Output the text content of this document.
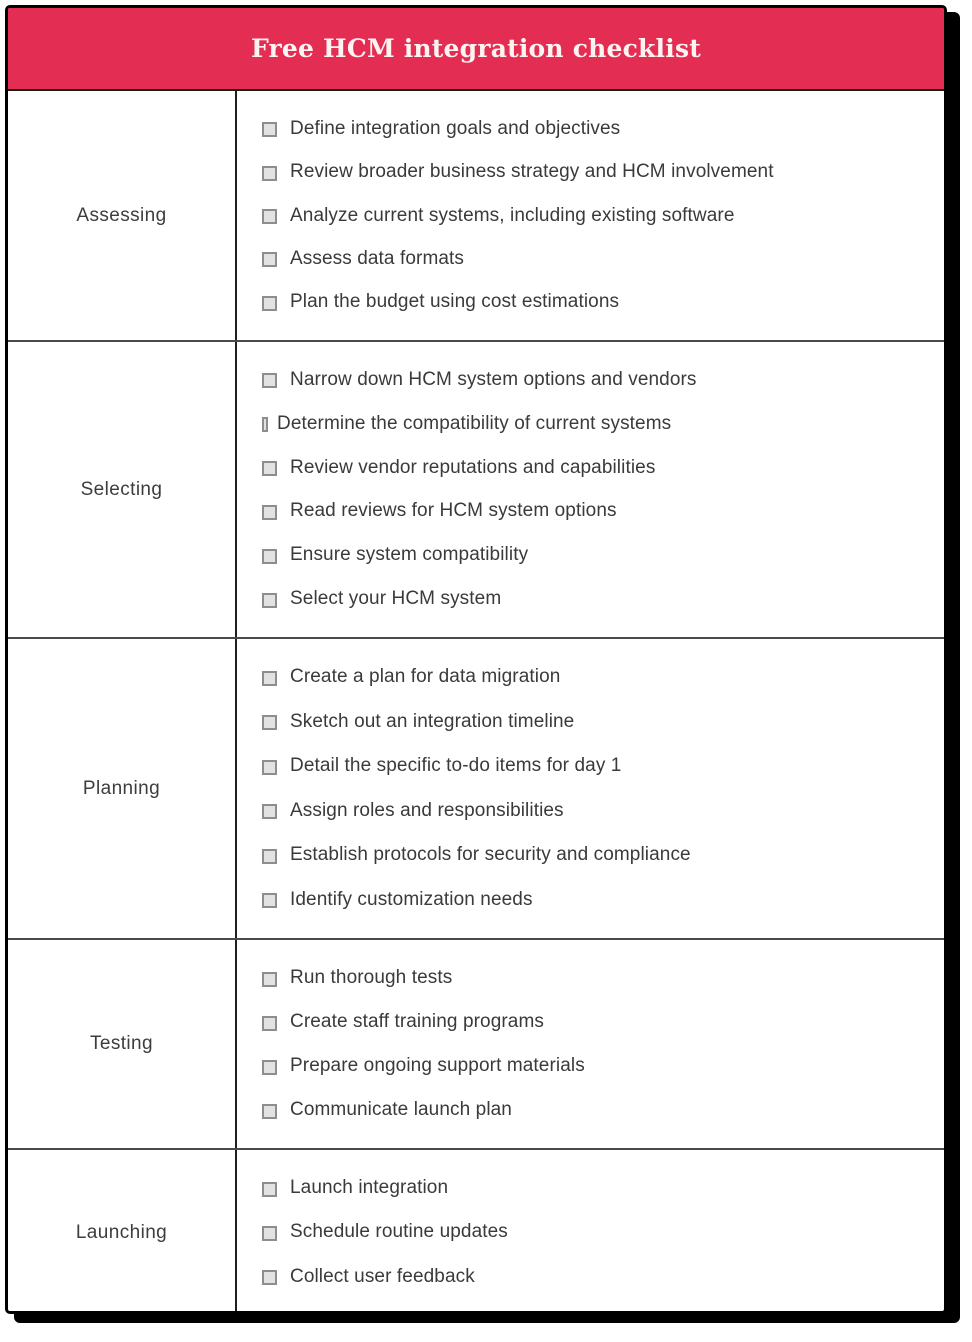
Free HCM integration checklist
Assessing
Define integration goals and objectives
Review broader business strategy and HCM involvement
Analyze current systems, including existing software
Assess data formats
Plan the budget using cost estimations
Selecting
Narrow down HCM system options and vendors
Determine the compatibility of current systems
Review vendor reputations and capabilities
Read reviews for HCM system options
Ensure system compatibility
Select your HCM system
Planning
Create a plan for data migration
Sketch out an integration timeline
Detail the specific to-do items for day 1
Assign roles and responsibilities
Establish protocols for security and compliance
Identify customization needs
Testing
Run thorough tests
Create staff training programs
Prepare ongoing support materials
Communicate launch plan
Launching
Launch integration
Schedule routine updates
Collect user feedback
